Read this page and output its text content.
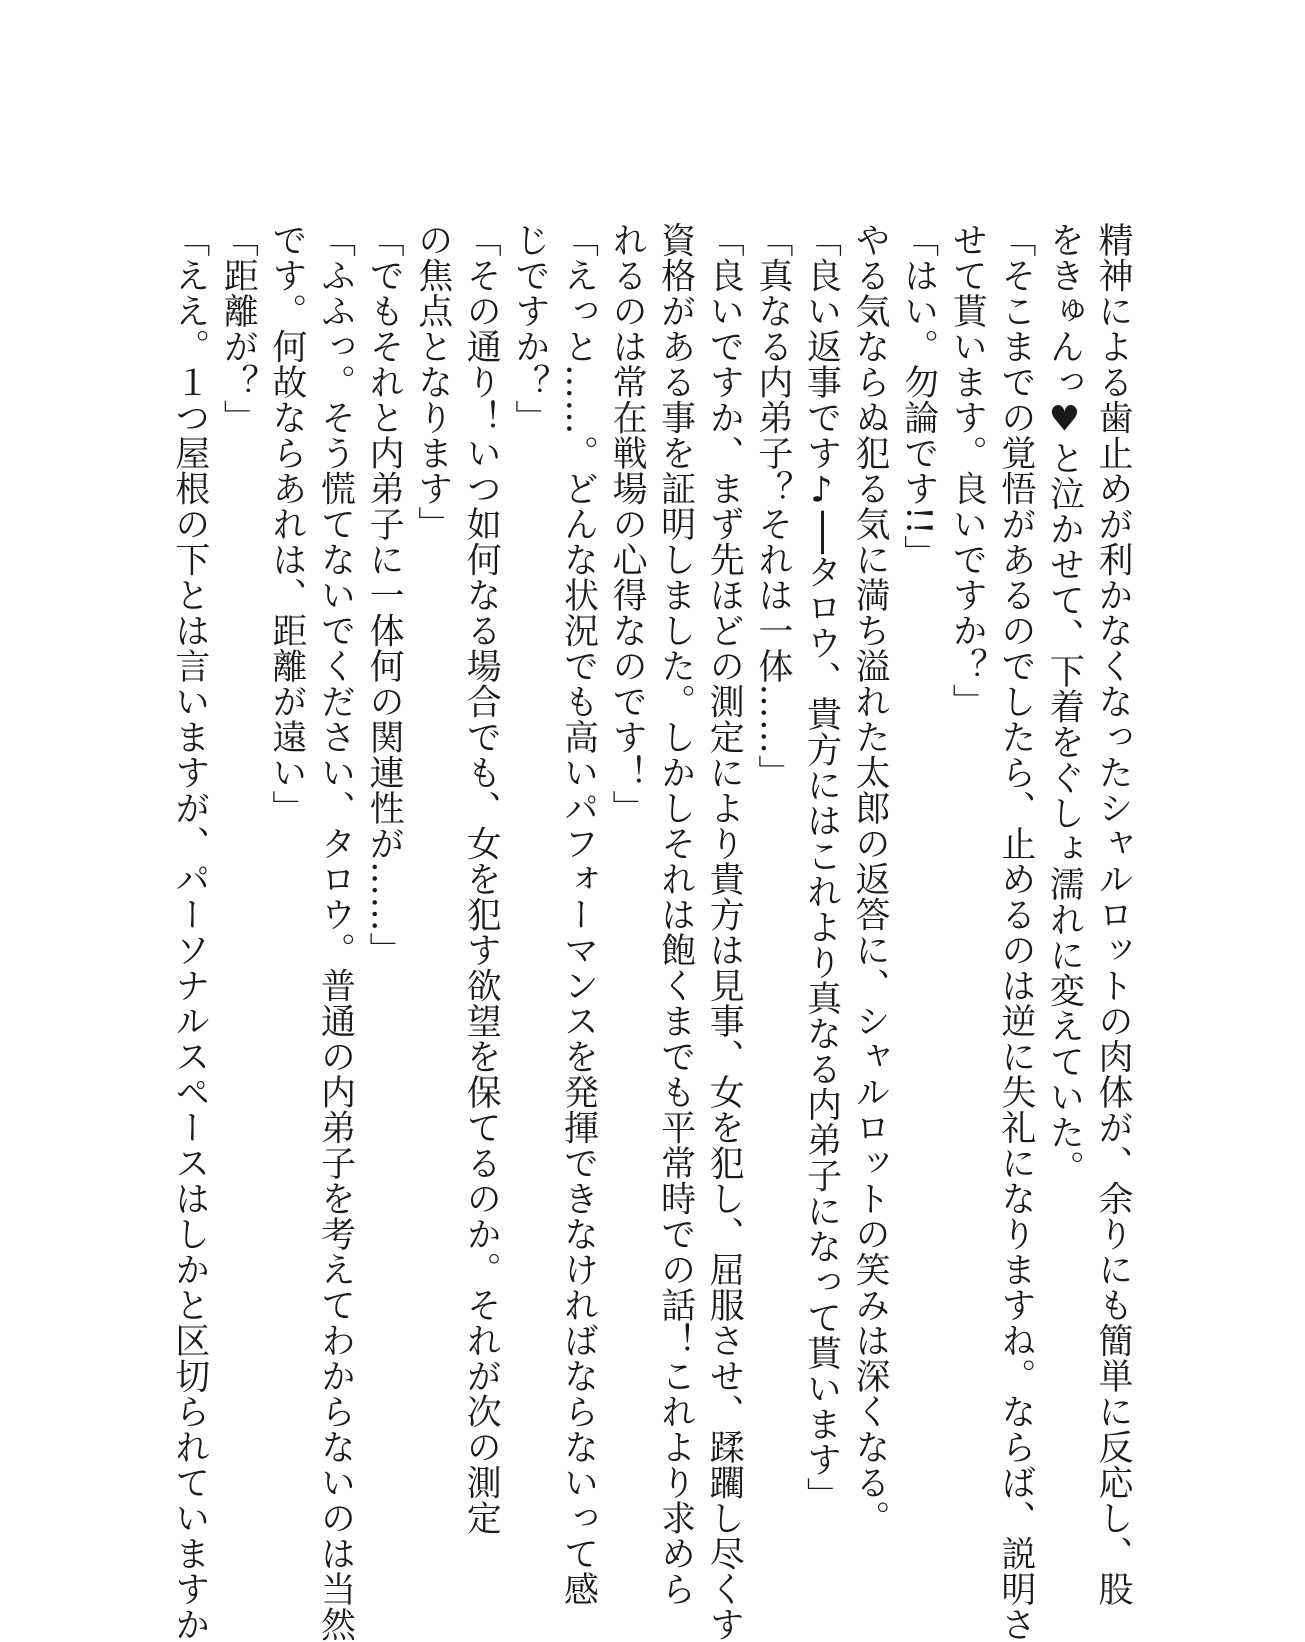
精神による歯止めが利かなくなったシャルロットの肉体が、余りにも簡単に反応し、股
をきゅんっ♥と泣かせて、下着をぐしょ濡れに変えていた。
「そこまでの覚悟があるのでしたら、止めるのは逆に失礼になりますね。ならば、説明さ
せて貰います。良いですか？」
「はい。勿論です!!」
やる気ならぬ犯る気に満ち溢れた太郎の返答に、シャルロットの笑みは深くなる。
「良い返事です♪──タロウ、貴方にはこれより真なる内弟子になって貰います」
「真なる内弟子？それは一体……」
「良いですか、まず先ほどの測定により貴方は見事、女を犯し、屈服させ、蹂躙し尽くす
資格がある事を証明しました。しかしそれは飽くまでも平常時での話！これより求めら
れるのは常在戦場の心得なのです！」
「えっと……。どんな状況でも高いパフォーマンスを発揮できなければならないって感
じですか？」
「その通り！いつ如何なる場合でも、女を犯す欲望を保てるのか。それが次の測定
の焦点となります」
「でもそれと内弟子に一体何の関連性が……」
「ふふっ。そう慌てないでください、タロウ。普通の内弟子を考えてわからないのは当然
です。何故ならあれは、距離が遠い」
「距離が？」
「ええ。１つ屋根の下とは言いますが、パーソナルスペースはしかと区切られていますか
